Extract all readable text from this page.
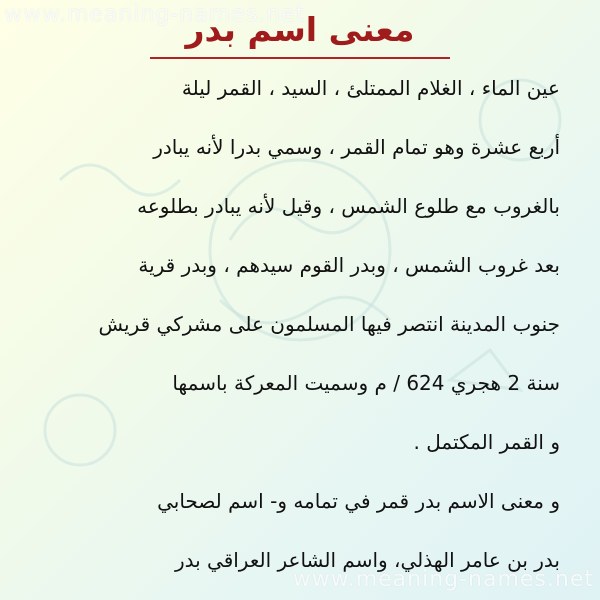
www.meaning-names.net
معنى اسم بدر
عين الماء ، الغلام الممتلئ ، السيد ، القمر ليلة
أربع عشرة وهو تمام القمر ، وسمي بدرا لأنه يبادر
بالغروب مع طلوع الشمس ، وقيل لأنه يبادر بطلوعه
بعد غروب الشمس ، وبدر القوم سيدهم ، وبدر قرية
جنوب المدينة انتصر فيها المسلمون على مشركي قريش
سنة 2 هجري 624 / م وسميت المعركة باسمها
و القمر المكتمل .
و معنى الاسم بدر قمر في تمامه و- اسم لصحابي
بدر بن عامر الهذلي، واسم الشاعر العراقي بدر
www.meaning-names.net
